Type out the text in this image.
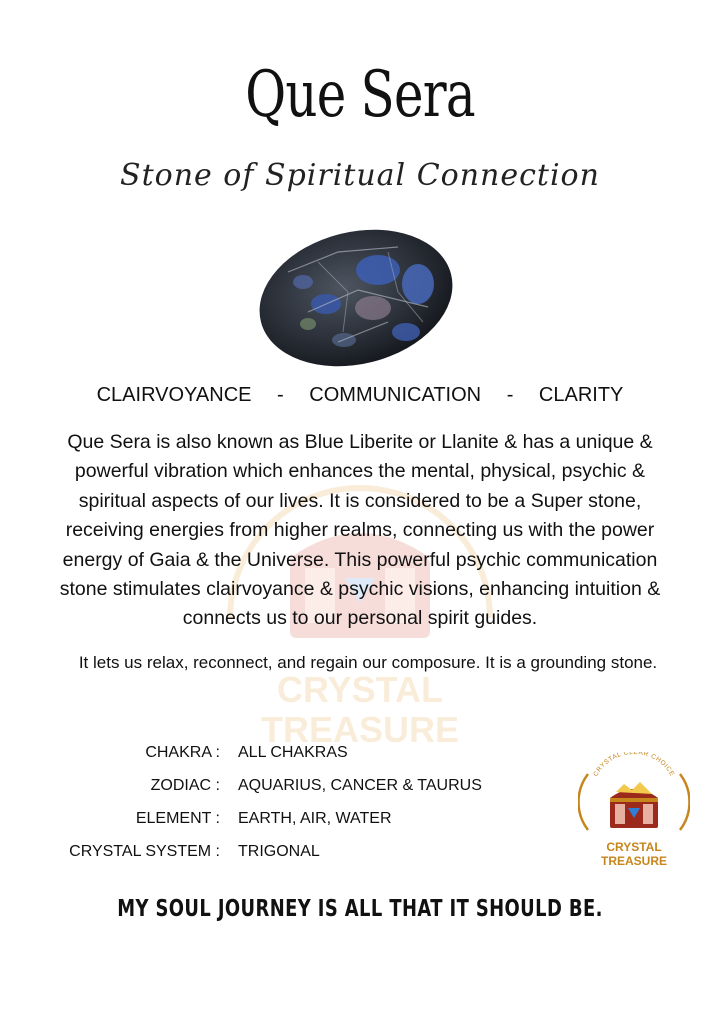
Que Sera
Stone of Spiritual Connection
CLAIRVOYANCE - COMMUNICATION - CLARITY
CRYSTAL
TREASURE
Que Sera is also known as Blue Liberite or Llanite & has a unique & powerful vibration which enhances the mental, physical, psychic & spiritual aspects of our lives. It is considered to be a Super stone, receiving energies from higher realms, connecting us with the power energy of Gaia & the Universe. This powerful psychic communication stone stimulates clairvoyance & psychic visions, enhancing intuition & connects us to our personal spirit guides.
It lets us relax, reconnect, and regain our composure. It is a grounding stone.
CHAKRA : ALL CHAKRAS
ZODIAC : AQUARIUS, CANCER & TAURUS
ELEMENT : EARTH, AIR, WATER
CRYSTAL SYSTEM : TRIGONAL
CRYSTAL CLEAR CHOICE
CRYSTAL
TREASURE
MY SOUL JOURNEY IS ALL THAT IT SHOULD BE.
